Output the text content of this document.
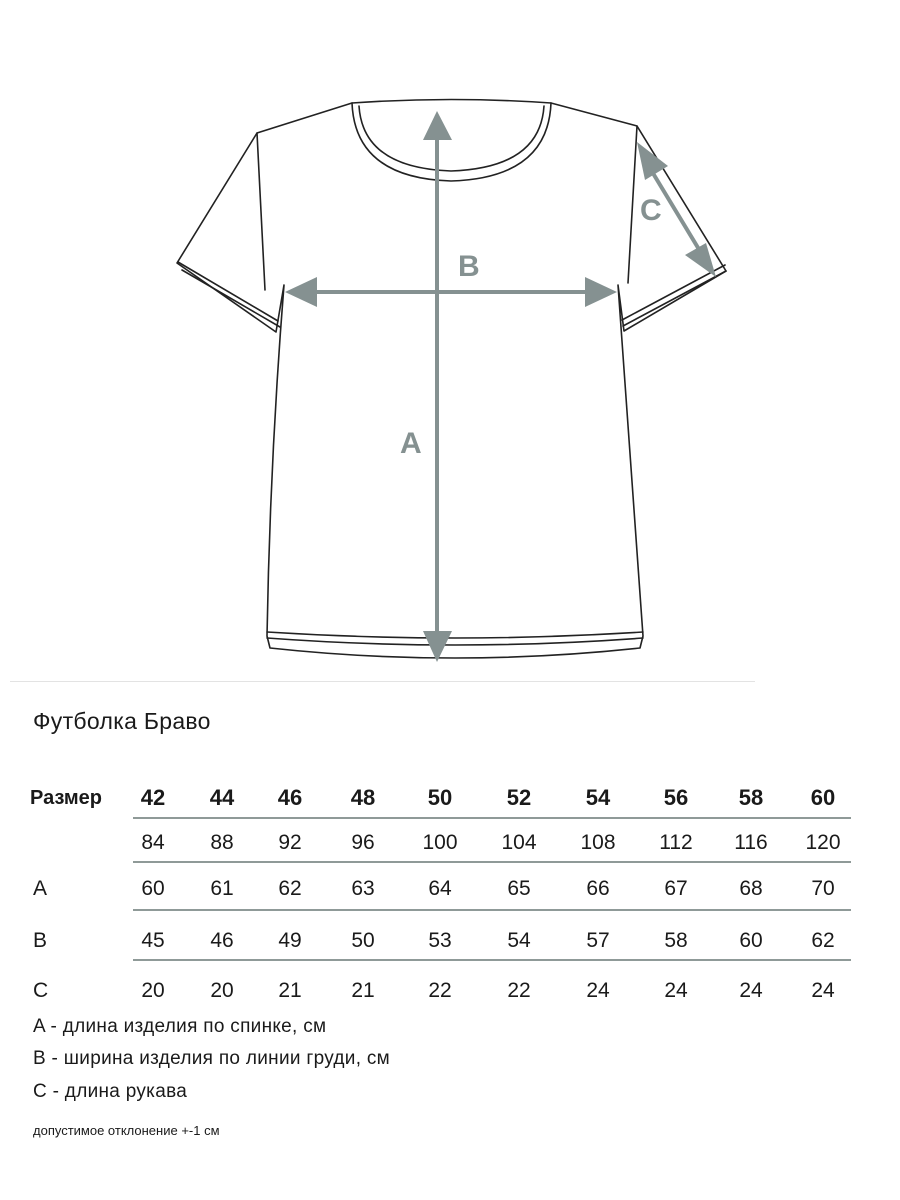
B
A
C
Футболка Браво
Размер 42 44 46 48 50 52 54 56 58 60
84 88 92 96 100 104 108 112 116 120
A	60 61 62 63	64	65	66	67 68 70
B	45 46 49 50	53	54	57	58 60 62
C	20 20 21 21	22	22	24	24 24 24
A - длина изделия по спинке, см
B - ширина изделия по линии груди, см
C - длина рукава
допустимое отклонение +-1 см
